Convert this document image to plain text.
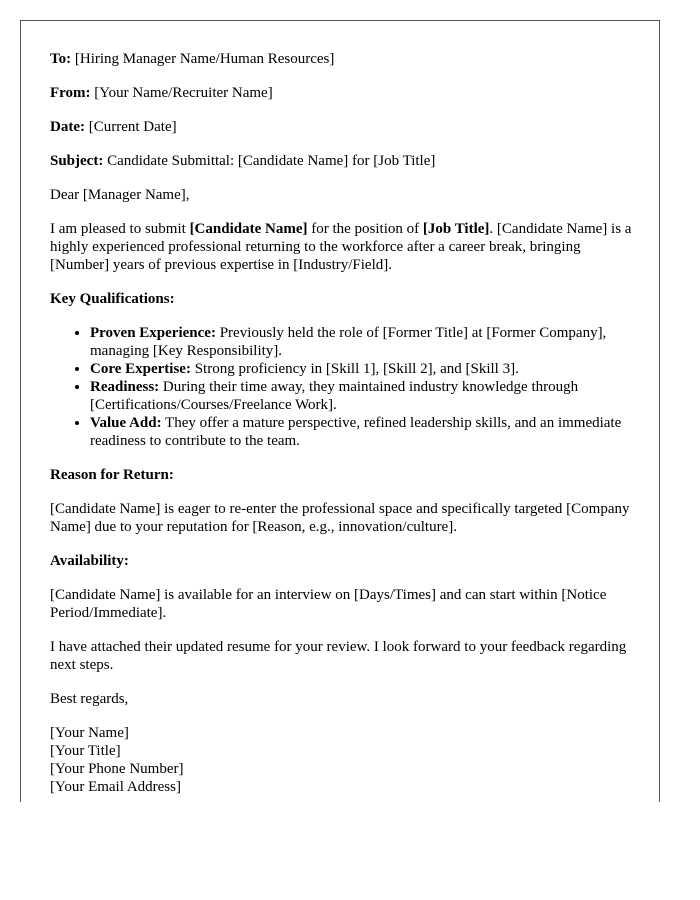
To: [Hiring Manager Name/Human Resources]

From: [Your Name/Recruiter Name]

Date: [Current Date]

Subject: Candidate Submittal: [Candidate Name] for [Job Title]

Dear [Manager Name],

I am pleased to submit [Candidate Name] for the position of [Job Title]. [Candidate Name] is a highly experienced professional returning to the workforce after a career break, bringing [Number] years of previous expertise in [Industry/Field].

Key Qualifications:

• Proven Experience: Previously held the role of [Former Title] at [Former Company], managing [Key Responsibility].
• Core Expertise: Strong proficiency in [Skill 1], [Skill 2], and [Skill 3].
• Readiness: During their time away, they maintained industry knowledge through [Certifications/Courses/Freelance Work].
• Value Add: They offer a mature perspective, refined leadership skills, and an immediate readiness to contribute to the team.

Reason for Return:

[Candidate Name] is eager to re-enter the professional space and specifically targeted [Company Name] due to your reputation for [Reason, e.g., innovation/culture].

Availability:

[Candidate Name] is available for an interview on [Days/Times] and can start within [Notice Period/Immediate].

I have attached their updated resume for your review. I look forward to your feedback regarding next steps.

Best regards,

[Your Name]
[Your Title]
[Your Phone Number]
[Your Email Address]
